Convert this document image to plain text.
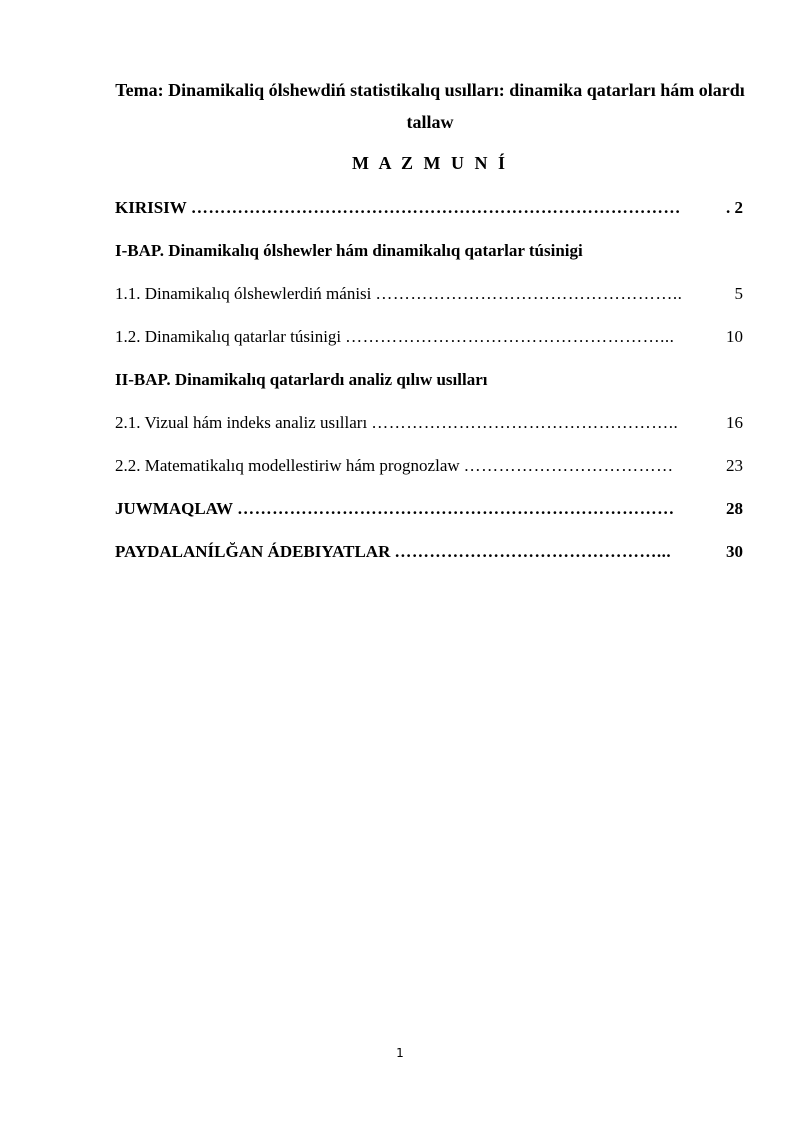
Tema: Dinamikaliq ólshewdiń statistikalıq usılları: dinamika qatarları hám olardı tallaw
M A Z M U N Í
KIRISIW …………………………………………………………………………	. 2
I-BAP. Dinamikalıq ólshewler hám dinamikalıq qatarlar túsinigi
1.1. Dinamikalıq ólshewlerdiń mánisi ……………………………………………..	5
1.2. Dinamikalıq qatarlar túsinigi ………………………………………………...	10
II-BAP. Dinamikalıq qatarlardı analiz qılıw usılları
2.1. Vizual hám indeks analiz usılları ……………………………………………..	16
2.2. Matematikalıq modellestiriw hám prognozlaw ………………………………	23
JUWMAQLAW …………………………………………………………………	28
PAYDALANÍLĞAN ÁDEBIYATLAR ………………………………………...	30
1
